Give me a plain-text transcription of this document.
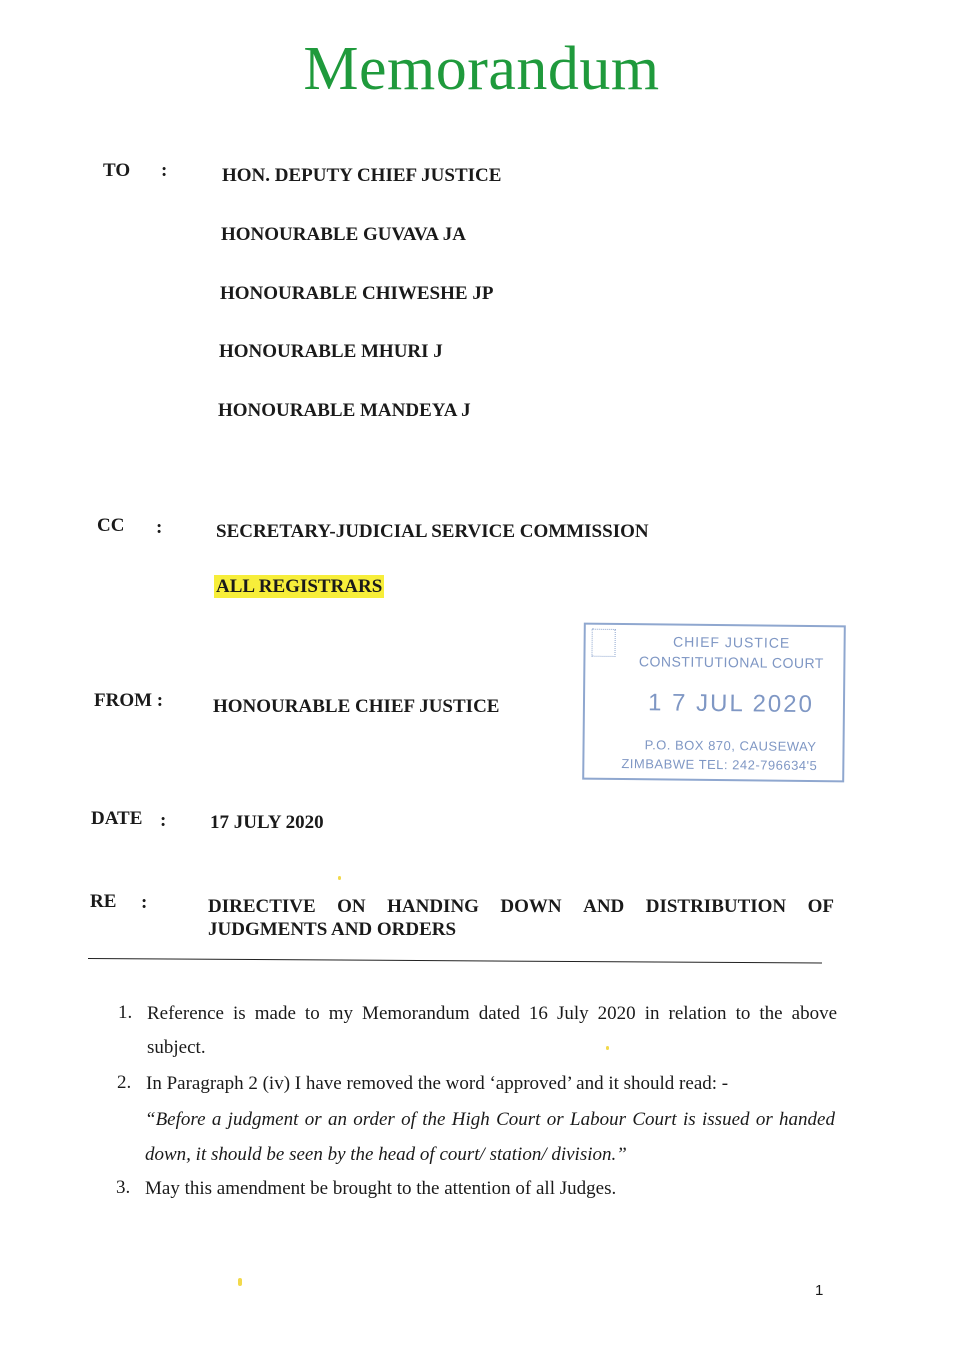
Memorandum
TO :	HON. DEPUTY CHIEF JUSTICE
HONOURABLE GUVAVA JA
HONOURABLE CHIWESHE JP
HONOURABLE MHURI J
HONOURABLE MANDEYA J
CC :	SECRETARY-JUDICIAL SERVICE COMMISSION
ALL REGISTRARS
CHIEF JUSTICE
CONSTITUTIONAL COURT
1 7 JUL 2020
P.O. BOX 870, CAUSEWAY
ZIMBABWE TEL: 242-796634'5
FROM :	HONOURABLE CHIEF JUSTICE
DATE : 17 JULY 2020
RE :	DIRECTIVE ON HANDING DOWN AND DISTRIBUTION OF
JUDGMENTS AND ORDERS
1. Reference is made to my Memorandum dated 16 July 2020 in relation to the above
subject.
2. In Paragraph 2 (iv) I have removed the word ‘approved’ and it should read: -
“Before a judgment or an order of the High Court or Labour Court is issued or handed
down, it should be seen by the head of court/ station/ division.”
3. May this amendment be brought to the attention of all Judges.
1
